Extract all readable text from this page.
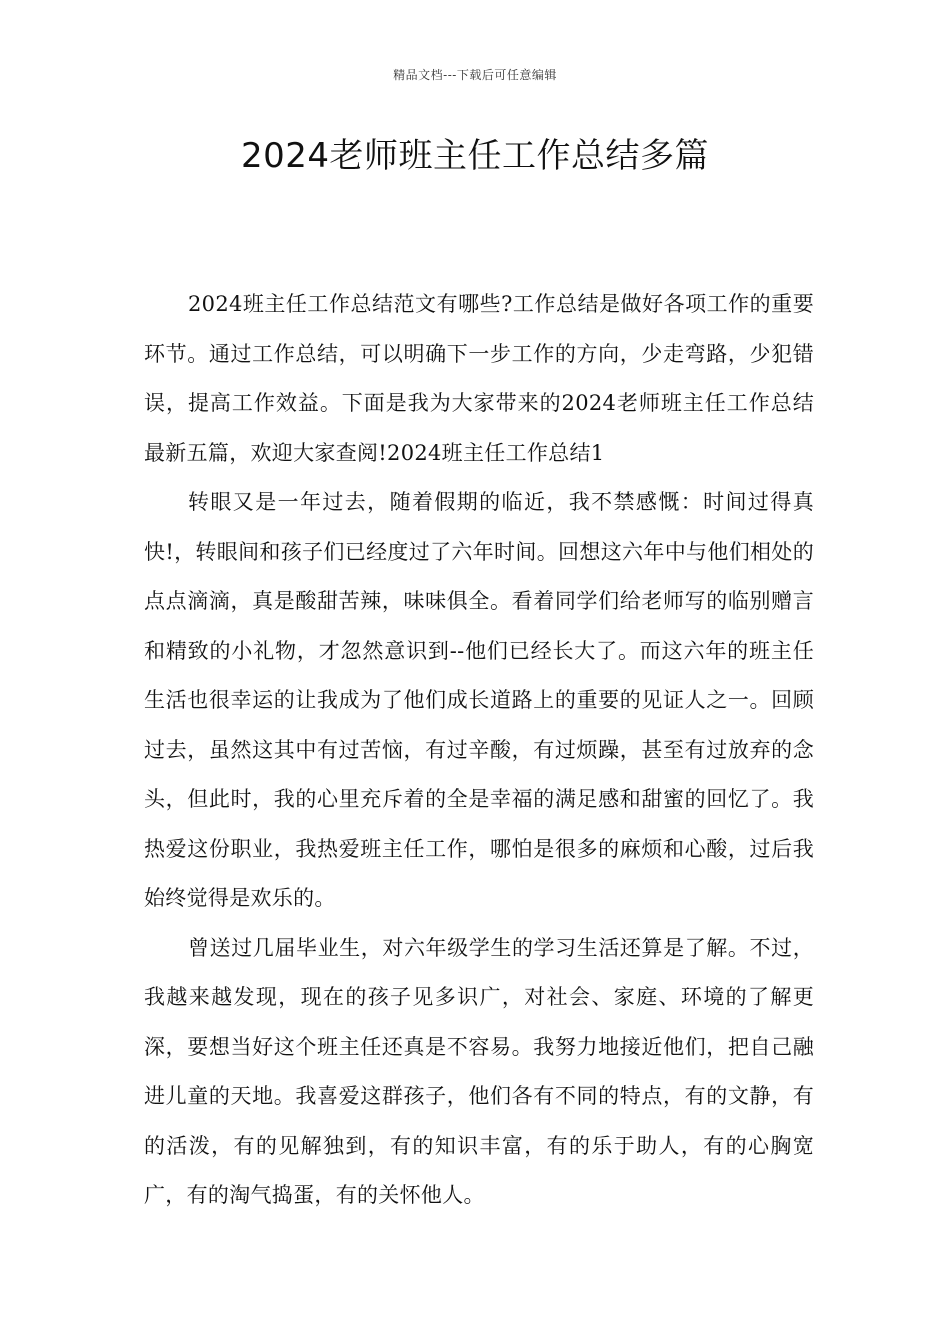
精品文档---下载后可任意编辑
2024老师班主任工作总结多篇

2024班主任工作总结范文有哪些?工作总结是做好各项工作的重要环节。通过工作总结，可以明确下一步工作的方向，少走弯路，少犯错误，提高工作效益。下面是我为大家带来的2024老师班主任工作总结最新五篇，欢迎大家查阅!2024班主任工作总结1

转眼又是一年过去，随着假期的临近，我不禁感慨：时间过得真快!，转眼间和孩子们已经度过了六年时间。回想这六年中与他们相处的点点滴滴，真是酸甜苦辣，味味俱全。看着同学们给老师写的临别赠言和精致的小礼物，才忽然意识到--他们已经长大了。而这六年的班主任生活也很幸运的让我成为了他们成长道路上的重要的见证人之一。回顾过去，虽然这其中有过苦恼，有过辛酸，有过烦躁，甚至有过放弃的念头，但此时，我的心里充斥着的全是幸福的满足感和甜蜜的回忆了。我热爱这份职业，我热爱班主任工作，哪怕是很多的麻烦和心酸，过后我始终觉得是欢乐的。

曾送过几届毕业生，对六年级学生的学习生活还算是了解。不过，我越来越发现，现在的孩子见多识广，对社会、家庭、环境的了解更深，要想当好这个班主任还真是不容易。我努力地接近他们，把自己融进儿童的天地。我喜爱这群孩子，他们各有不同的特点，有的文静，有的活泼，有的见解独到，有的知识丰富，有的乐于助人，有的心胸宽广，有的淘气捣蛋，有的关怀他人。
